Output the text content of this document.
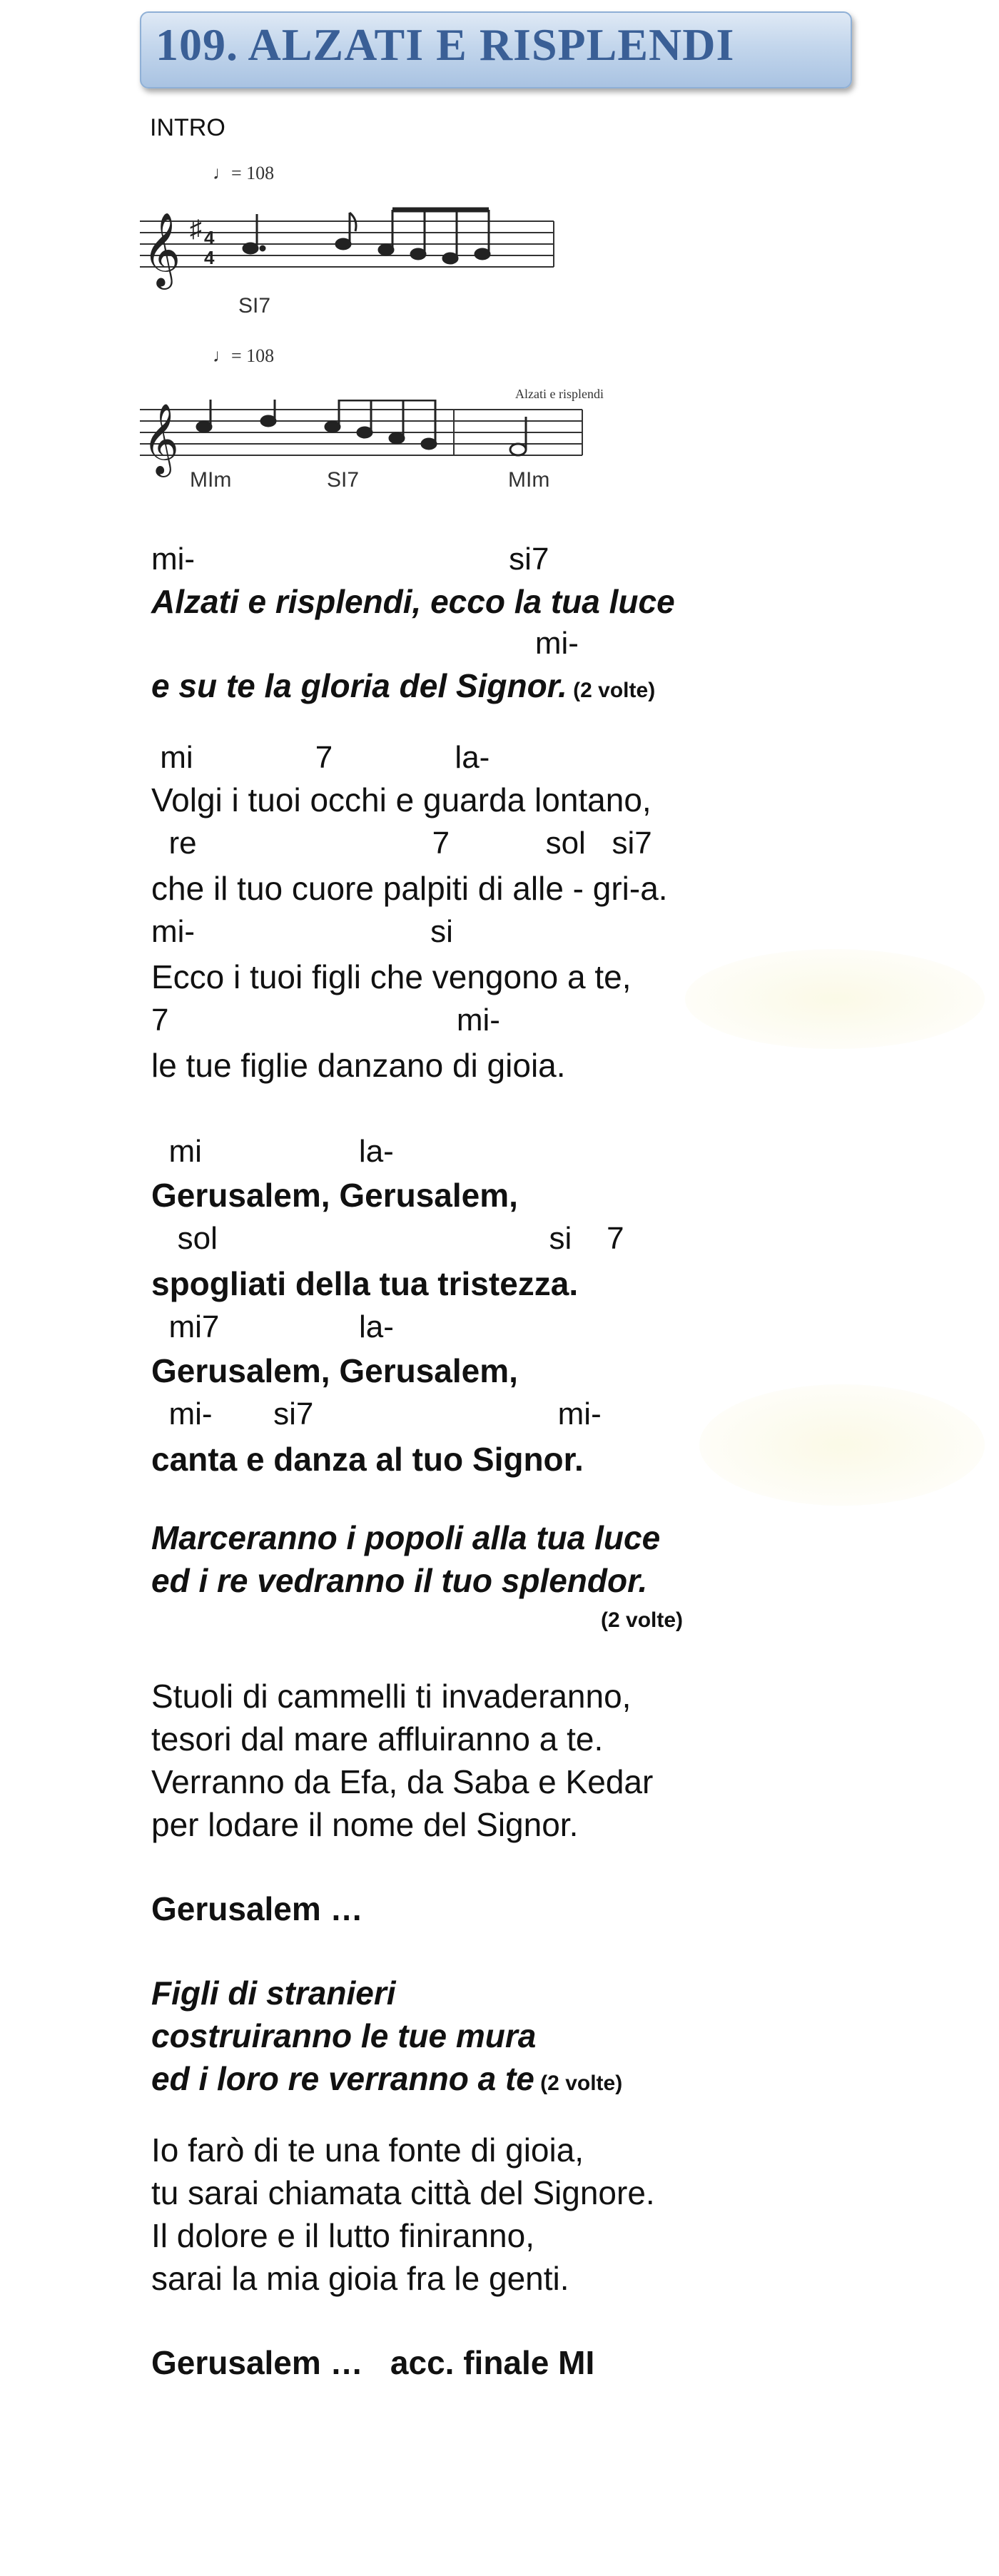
109. ALZATI E RISPLENDI
INTRO
♩= 108
𝄞 ♯ 4
4
SI7
♩= 108
Alzati e risplendi
𝄞
MIm	SI7	MIm
mi-                                    si7
Alzati e risplendi, ecco la tua luce
mi-
e su te la gloria del Signor. (2 volte)
mi              7              la-
Volgi i tuoi occhi e guarda lontano,
re                           7           sol   si7
che il tuo cuore palpiti di alle - gri-a.
mi-                           si
Ecco i tuoi figli che vengono a te,
7                                 mi-
le tue figlie danzano di gioia.
mi                  la-
Gerusalem, Gerusalem,
sol                                      si    7
spogliati della tua tristezza.
mi7                la-
Gerusalem, Gerusalem,
mi-       si7                            mi-
canta e danza al tuo Signor.
Marceranno i popoli alla tua luce
ed i re vedranno il tuo splendor.
(2 volte)
Stuoli di cammelli ti invaderanno,
tesori dal mare affluiranno a te.
Verranno da Efa, da Saba e Kedar
per lodare il nome del Signor.
Gerusalem …
Figli di stranieri
costruiranno le tue mura
ed i loro re verranno a te (2 volte)
Io farò di te una fonte di gioia,
tu sarai chiamata città del Signore.
Il dolore e il lutto finiranno,
sarai la mia gioia fra le genti.
Gerusalem …   acc. finale MI
